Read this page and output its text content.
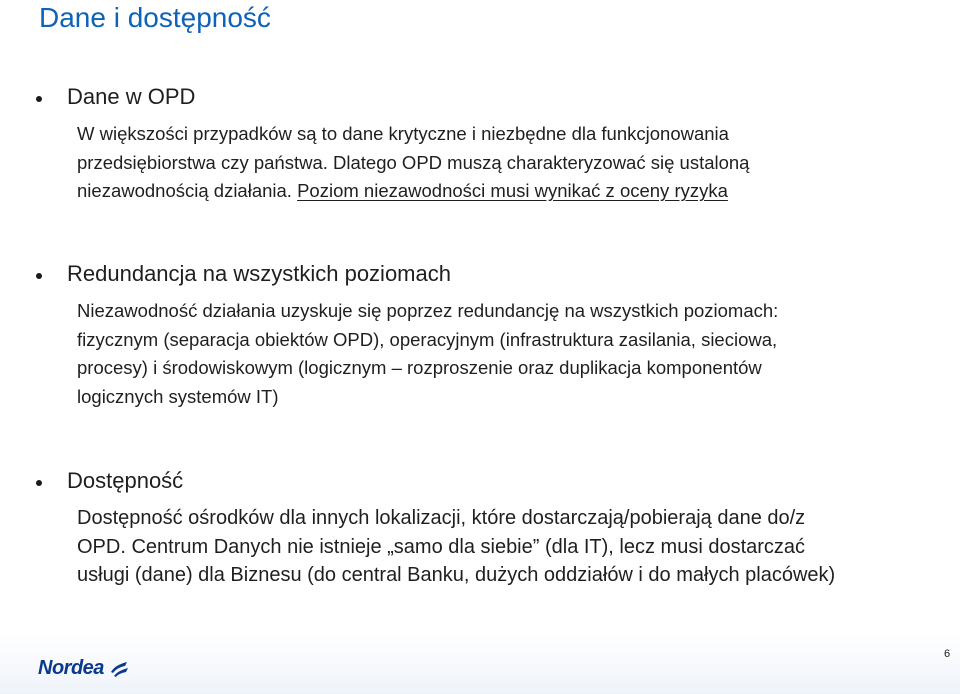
Dane i dostępność
Dane w OPD
W większości przypadków są to dane krytyczne i niezbędne dla funkcjonowania
przedsiębiorstwa czy państwa. Dlatego OPD muszą charakteryzować się ustaloną
niezawodnością działania. Poziom niezawodności musi wynikać z oceny ryzyka
Redundancja na wszystkich poziomach
Niezawodność działania uzyskuje się poprzez redundancję na wszystkich poziomach:
fizycznym (separacja obiektów OPD), operacyjnym (infrastruktura zasilania, sieciowa,
procesy) i środowiskowym (logicznym – rozproszenie oraz duplikacja komponentów
logicznych systemów IT)
Dostępność
Dostępność ośrodków dla innych lokalizacji, które dostarczają/pobierają dane do/z
OPD. Centrum Danych nie istnieje „samo dla siebie” (dla IT), lecz musi dostarczać
usługi (dane) dla Biznesu (do central Banku, dużych oddziałów i do małych placówek)
Nordea
6
